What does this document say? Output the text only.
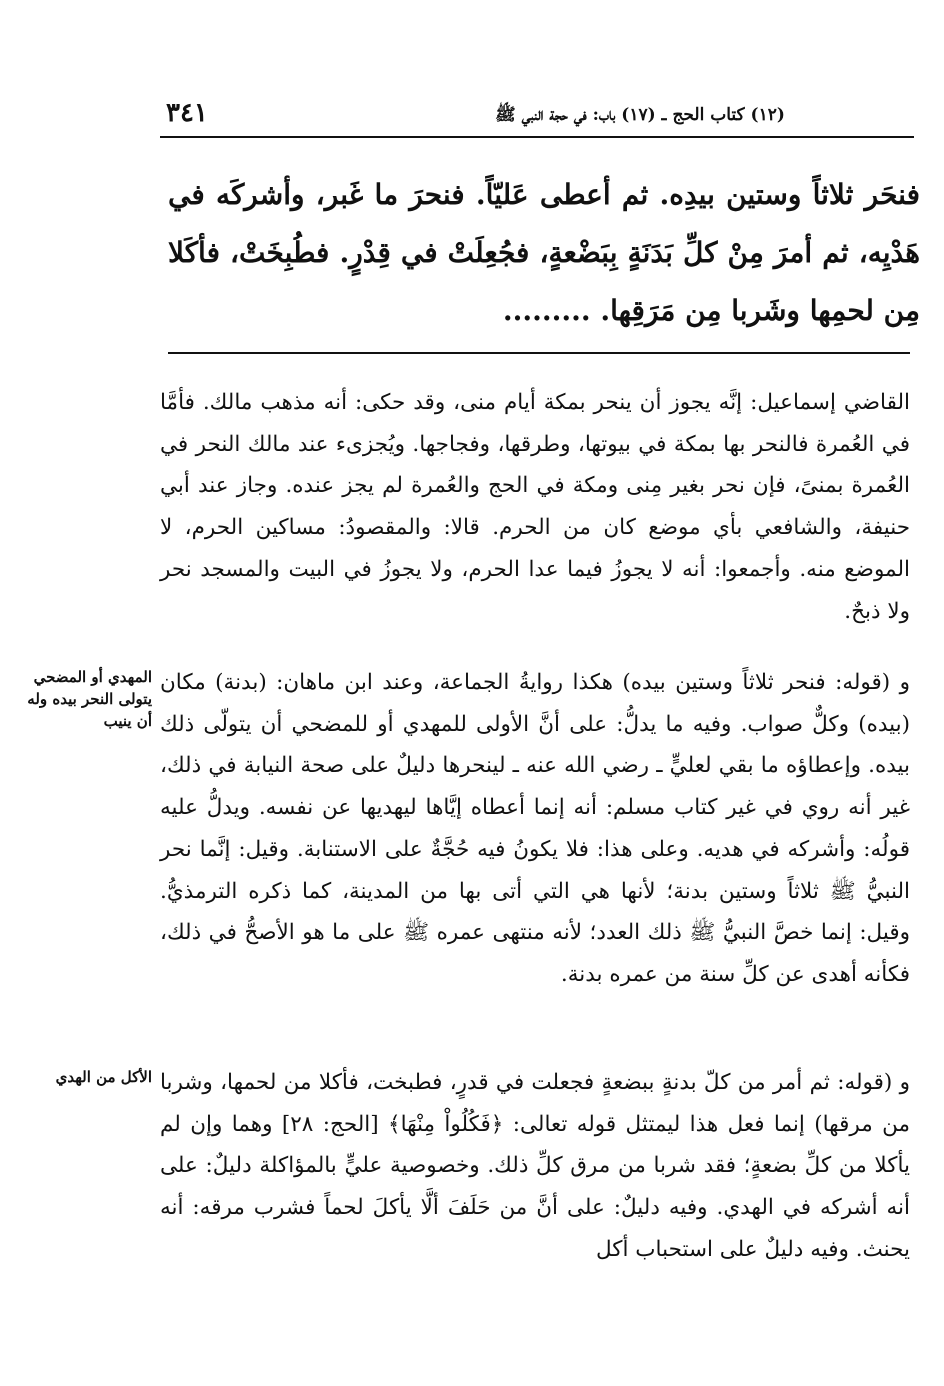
٣٤١	(١٢) كتاب الحج ـ (١٧) باب: في حجة النبي ﷺ
فنحَر ثلاثاً وستين بيدِه. ثم أعطى عَليّاً. فنحرَ ما غَبر، وأشركَه في هَدْيِه، ثم أمرَ مِنْ كلِّ بَدَنَةٍ بِبَضْعةٍ، فجُعِلَتْ في قِدْرٍ. فطُبِخَتْ، فأكَلا مِن لحمِها وشَربا مِن مَرَقِها. .........

القاضي إسماعيل: إنَّه يجوز أن ينحر بمكة أيام منى، وقد حكى: أنه مذهب مالك. فأمَّا في العُمرة فالنحر بها بمكة في بيوتها، وطرقها، وفجاجها. ويُجزىء عند مالك النحر في العُمرة بمنىً، فإن نحر بغير مِنى ومكة في الحج والعُمرة لم يجز عنده. وجاز عند أبي حنيفة، والشافعي بأي موضع كان من الحرم. قالا: والمقصودُ: مساكين الحرم، لا الموضع منه. وأجمعوا: أنه لا يجوزُ فيما عدا الحرم، ولا يجوزُ في البيت والمسجد نحر ولا ذبحٌ.

و (قوله: فنحر ثلاثاً وستين بيده) هكذا روايةُ الجماعة، وعند ابن ماهان: (بدنة) مكان (بيده) وكلٌّ صواب. وفيه ما يدلُّ: على أنَّ الأولى للمهدي أو للمضحي أن يتولّى ذلك بيده. وإعطاؤه ما بقي لعليٍّ ـ رضي الله عنه ـ لينحرها دليلٌ على صحة النيابة في ذلك، غير أنه روي في غير كتاب مسلم: أنه إنما أعطاه إيَّاها ليهديها عن نفسه. ويدلُّ عليه قولُه: وأشركه في هديه. وعلى هذا: فلا يكونُ فيه حُجَّةٌ على الاستنابة. وقيل: إنَّما نحر النبيُّ ﷺ ثلاثاً وستين بدنة؛ لأنها هي التي أتى بها من المدينة، كما ذكره الترمذيُّ. وقيل: إنما خصَّ النبيُّ ﷺ ذلك العدد؛ لأنه منتهى عمره ﷺ على ما هو الأصحُّ في ذلك، فكأنه أهدى عن كلِّ سنة من عمره بدنة.

المهدي أو المضحي يتولى النحر بيده وله أن ينيب

و (قوله: ثم أمر من كلّ بدنةٍ ببضعةٍ فجعلت في قدرٍ، فطبخت، فأكلا من لحمها، وشربا من مرقها) إنما فعل هذا ليمتثل قوله تعالى: ﴿فَكُلُواْ مِنْهَا﴾ [الحج: ٢٨] وهما وإن لم يأكلا من كلِّ بضعةٍ؛ فقد شربا من مرق كلِّ ذلك. وخصوصية عليٍّ بالمؤاكلة دليلٌ: على أنه أشركه في الهدي. وفيه دليلٌ: على أنَّ من حَلَفَ ألَّا يأكلَ لحماً فشرب مرقه: أنه يحنث. وفيه دليلٌ على استحباب أكل

الأكل من الهدي
